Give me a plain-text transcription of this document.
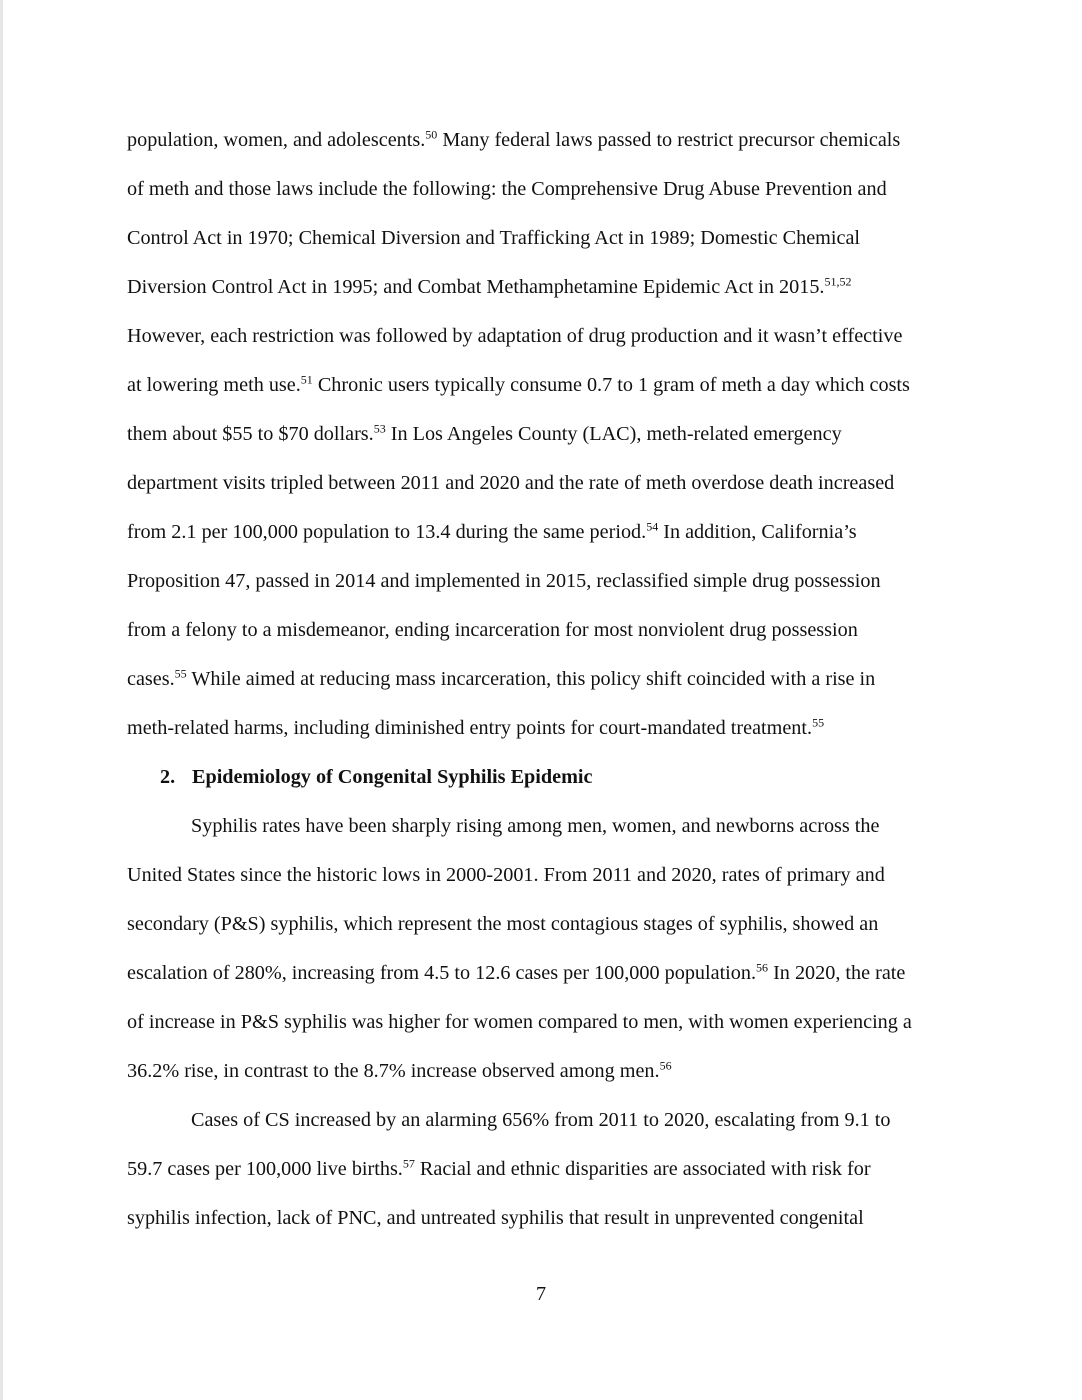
population, women, and adolescents.$^{50}$ Many federal laws passed to restrict precursor chemicals
of meth and those laws include the following: the Comprehensive Drug Abuse Prevention and
Control Act in 1970; Chemical Diversion and Trafficking Act in 1989; Domestic Chemical
Diversion Control Act in 1995; and Combat Methamphetamine Epidemic Act in 2015.$^{51,52}$
However, each restriction was followed by adaptation of drug production and it wasn’t effective
at lowering meth use.$^{51}$ Chronic users typically consume 0.7 to 1 gram of meth a day which costs
them about $55 to $70 dollars.$^{53}$ In Los Angeles County (LAC), meth-related emergency
department visits tripled between 2011 and 2020 and the rate of meth overdose death increased
from 2.1 per 100,000 population to 13.4 during the same period.$^{54}$ In addition, California’s
Proposition 47, passed in 2014 and implemented in 2015, reclassified simple drug possession
from a felony to a misdemeanor, ending incarceration for most nonviolent drug possession
cases.$^{55}$ While aimed at reducing mass incarceration, this policy shift coincided with a rise in
meth-related harms, including diminished entry points for court-mandated treatment.$^{55}$
2. Epidemiology of Congenital Syphilis Epidemic
Syphilis rates have been sharply rising among men, women, and newborns across the
United States since the historic lows in 2000-2001. From 2011 and 2020, rates of primary and
secondary (P&S) syphilis, which represent the most contagious stages of syphilis, showed an
escalation of 280%, increasing from 4.5 to 12.6 cases per 100,000 population.$^{56}$ In 2020, the rate
of increase in P&S syphilis was higher for women compared to men, with women experiencing a
36.2% rise, in contrast to the 8.7% increase observed among men.$^{56}$
Cases of CS increased by an alarming 656% from 2011 to 2020, escalating from 9.1 to
59.7 cases per 100,000 live births.$^{57}$ Racial and ethnic disparities are associated with risk for
syphilis infection, lack of PNC, and untreated syphilis that result in unprevented congenital
7
